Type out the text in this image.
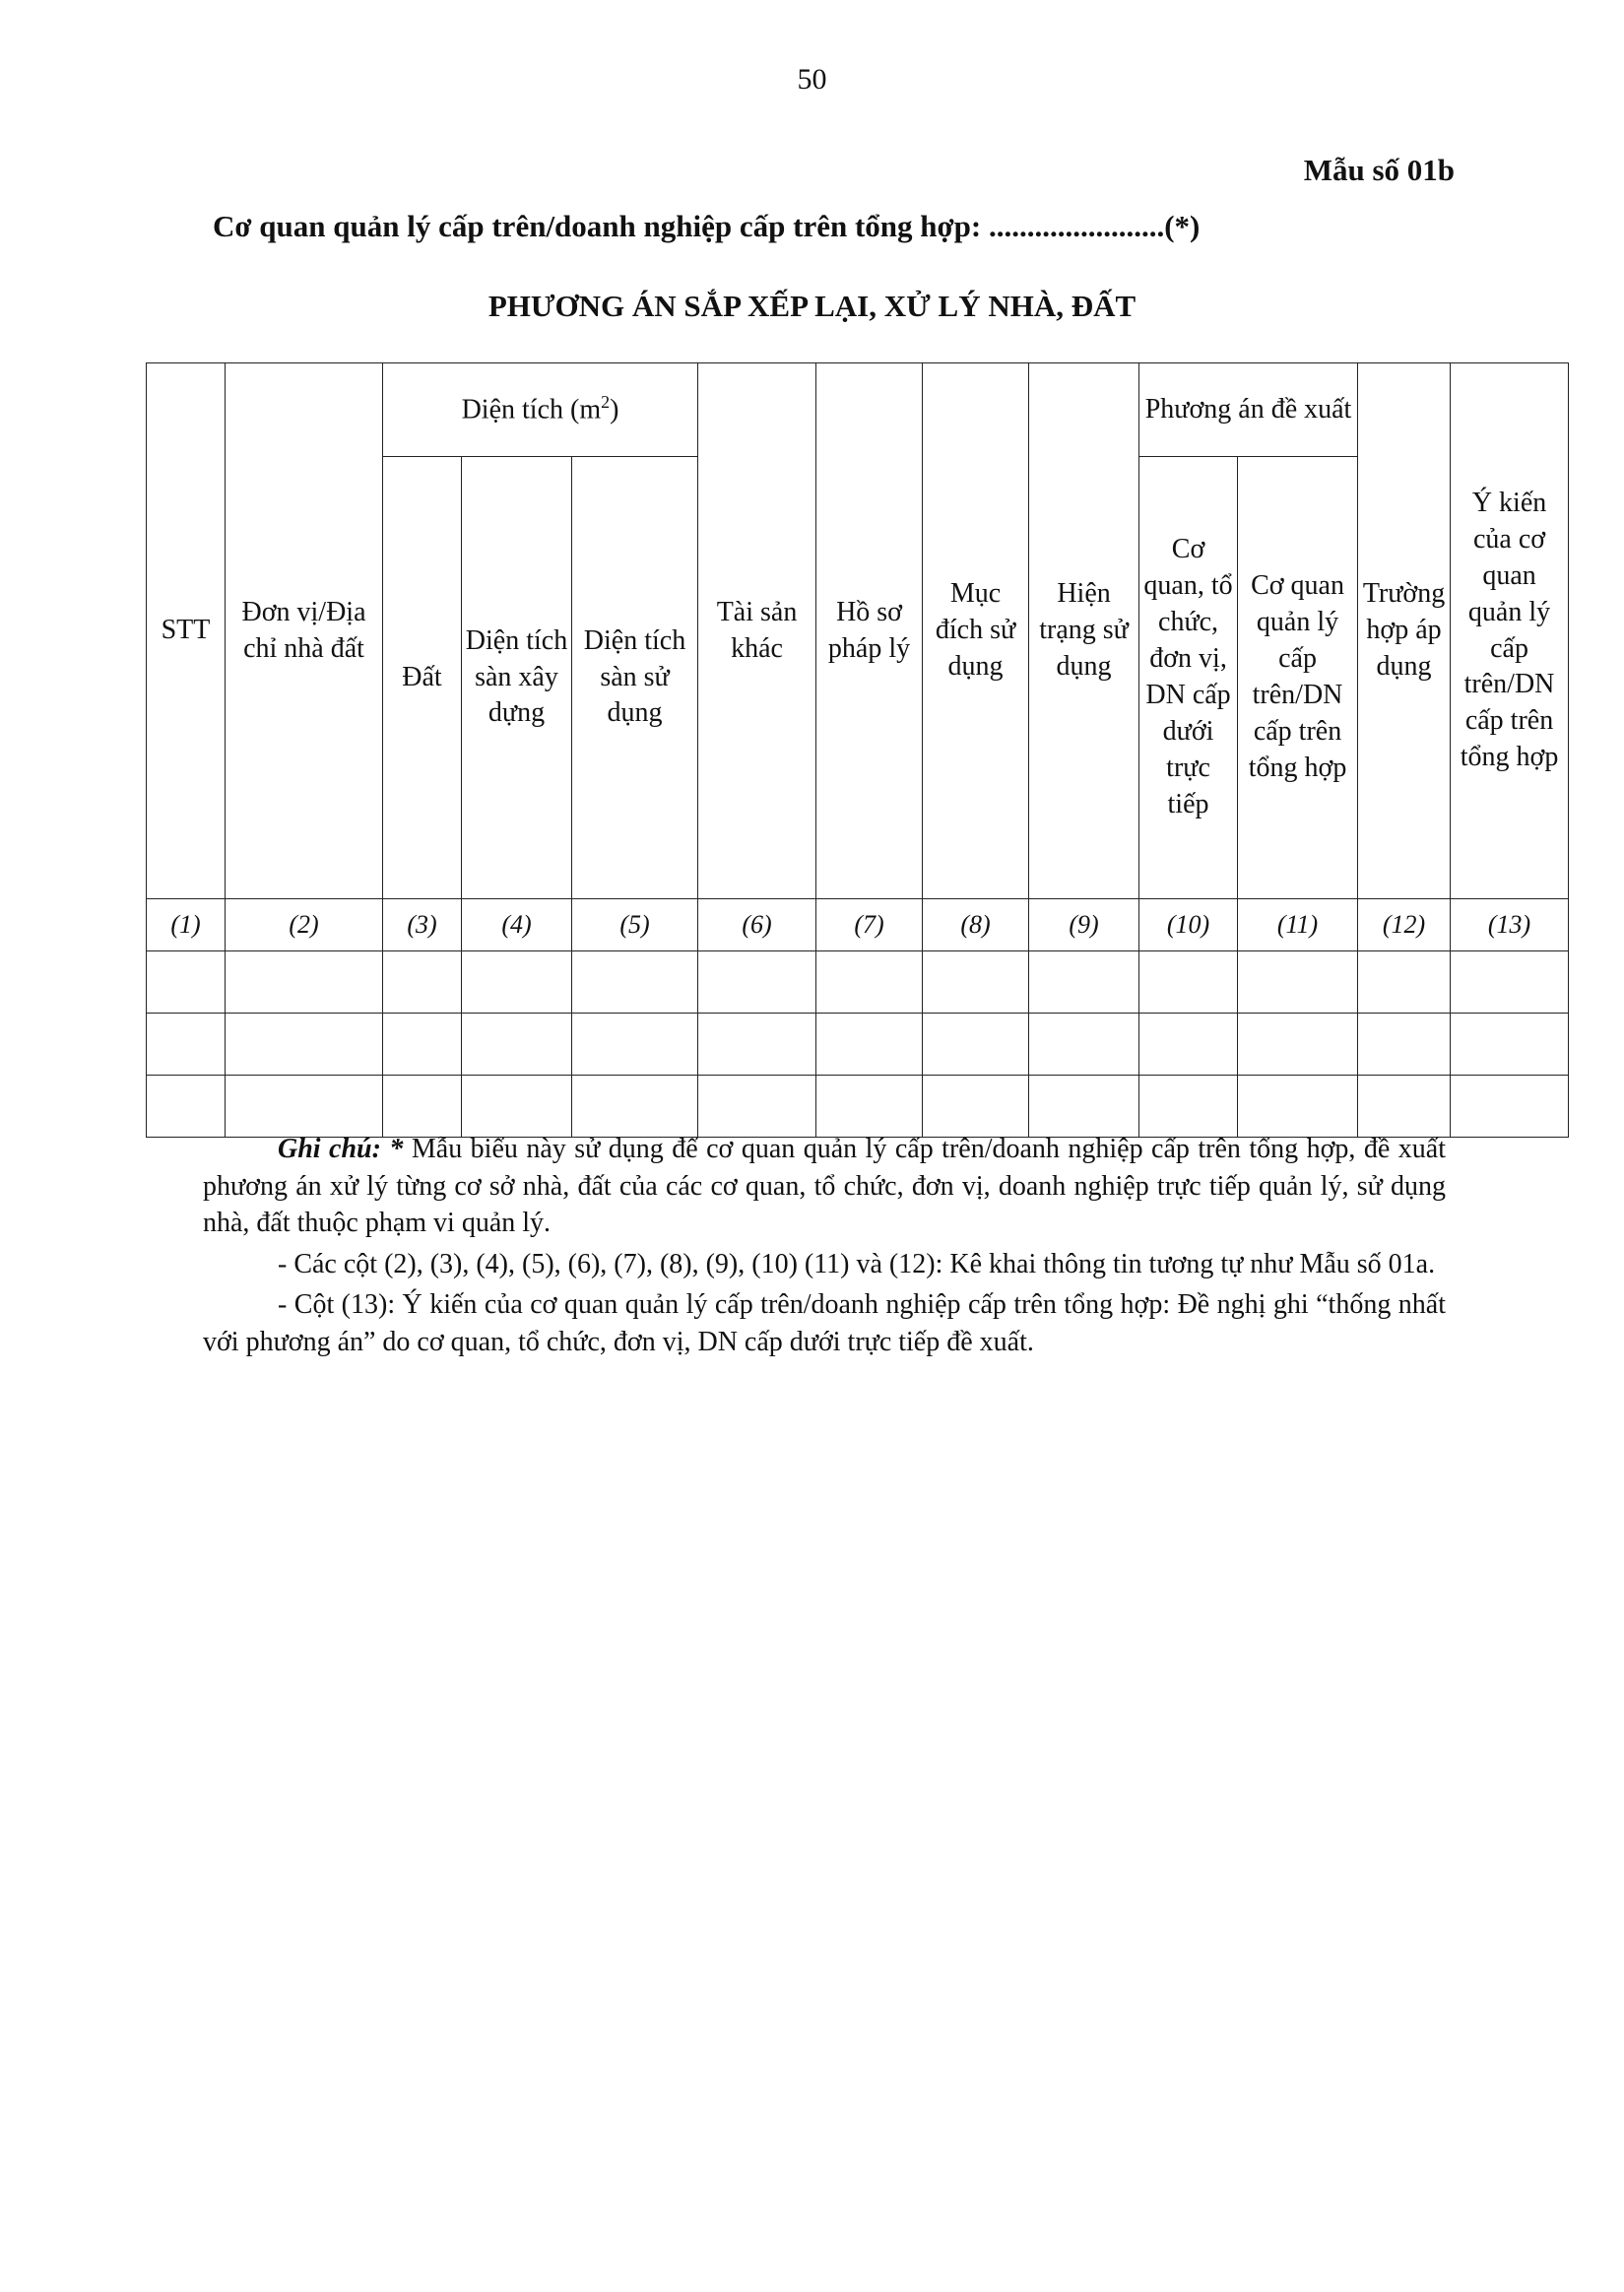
50
Mẫu số 01b
Cơ quan quản lý cấp trên/doanh nghiệp cấp trên tổng hợp: .......................(*)
PHƯƠNG ÁN SẮP XẾP LẠI, XỬ LÝ NHÀ, ĐẤT
STT	Đơn vị/Địa chỉ nhà đất	Diện tích $(m^2)$			Tài sản khác	Hồ sơ pháp lý	Mục đích sử dụng	Hiện trạng sử dụng	Phương án đề xuất		Trường hợp áp dụng	Ý kiến của cơ quan quản lý cấp trên/DN cấp trên tổng hợp
		Đất	Diện tích sàn xây dựng	Diện tích sàn sử dụng					Cơ quan, tổ chức, đơn vị, DN cấp dưới trực tiếp	Cơ quan quản lý cấp trên/DN cấp trên tổng hợp		
(1)	(2)	(3)	(4)	(5)	(6)	(7)	(8)	(9)	(10)	(11)	(12)	(13)

Ghi chú: * Mẫu biểu này sử dụng để cơ quan quản lý cấp trên/doanh nghiệp cấp trên tổng hợp, đề xuất phương án xử lý từng cơ sở nhà, đất của các cơ quan, tổ chức, đơn vị, doanh nghiệp trực tiếp quản lý, sử dụng nhà, đất thuộc phạm vi quản lý.

- Các cột (2), (3), (4), (5), (6), (7), (8), (9), (10) (11) và (12): Kê khai thông tin tương tự như Mẫu số 01a.

- Cột (13): Ý kiến của cơ quan quản lý cấp trên/doanh nghiệp cấp trên tổng hợp: Đề nghị ghi “thống nhất với phương án” do cơ quan, tổ chức, đơn vị, DN cấp dưới trực tiếp đề xuất.
